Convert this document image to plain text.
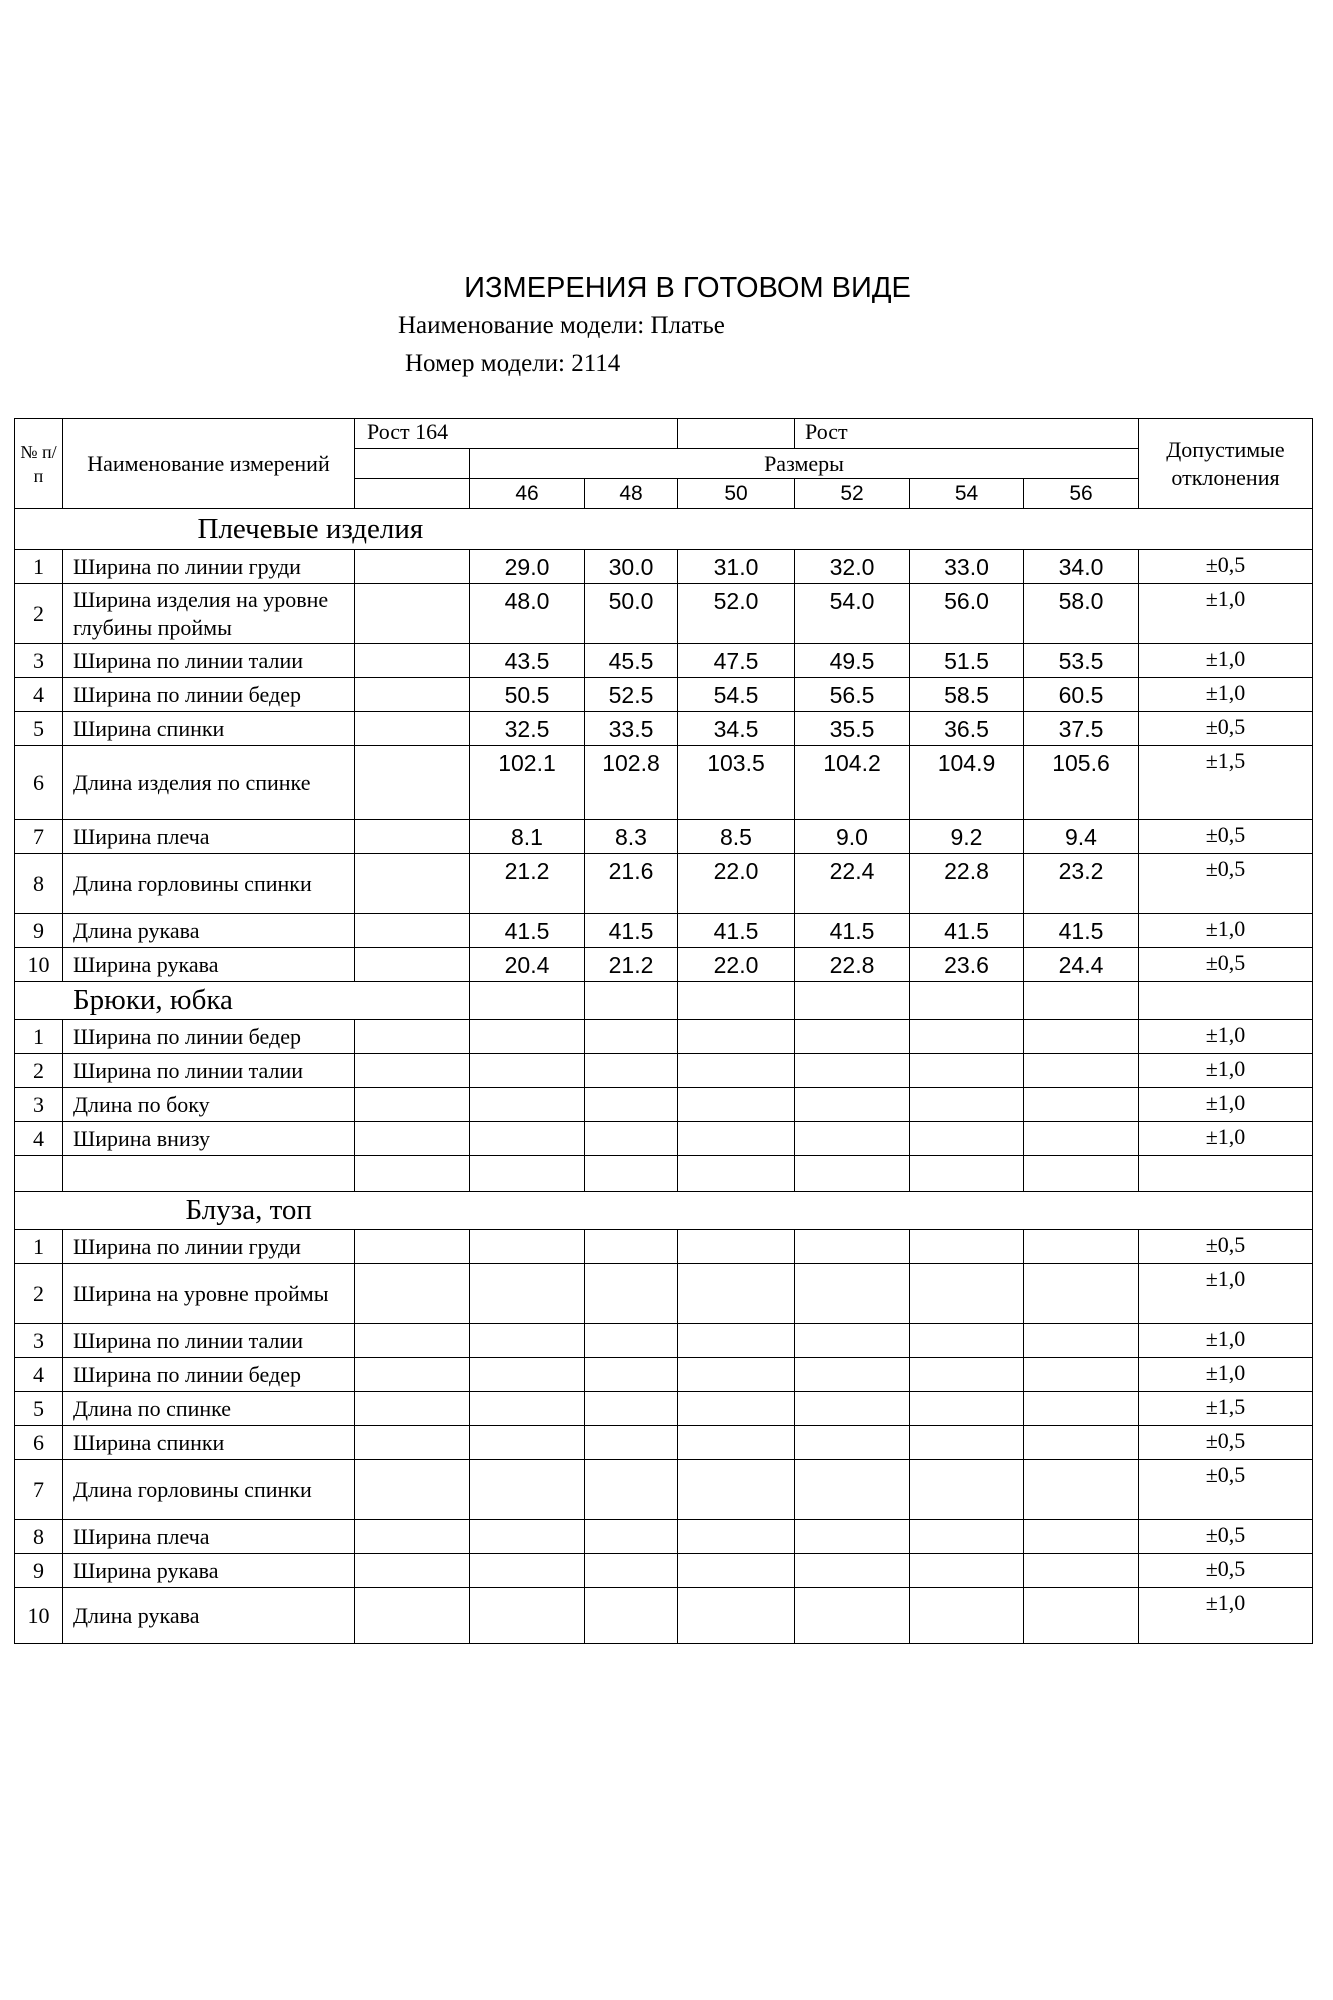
ИЗМЕРЕНИЯ В ГОТОВОМ ВИДЕ
Наименование модели: Платье
Номер модели: 2114
№ п/ п	Наименование измерений	Рост 164				Рост			Допустимые отклонения
			Размеры						
			46	48	50	52	54	56	
	Плечевые изделия								
1	Ширина по линии груди		29.0	30.0	31.0	32.0	33.0	34.0	±0,5
2	Ширина изделия на уровне глубины проймы		48.0	50.0	52.0	54.0	56.0	58.0	±1,0
3	Ширина по линии талии		43.5	45.5	47.5	49.5	51.5	53.5	±1,0
4	Ширина по линии бедер		50.5	52.5	54.5	56.5	58.5	60.5	±1,0
5	Ширина спинки		32.5	33.5	34.5	35.5	36.5	37.5	±0,5
6	Длина изделия по спинке		102.1	102.8	103.5	104.2	104.9	105.6	±1,5
7	Ширина плеча		8.1	8.3	8.5	9.0	9.2	9.4	±0,5
8	Длина горловины спинки		21.2	21.6	22.0	22.4	22.8	23.2	±0,5
9	Длина рукава		41.5	41.5	41.5	41.5	41.5	41.5	±1,0
10	Ширина рукава		20.4	21.2	22.0	22.8	23.6	24.4	±0,5
Брюки, юбка									
1	Ширина по линии бедер								±1,0
2	Ширина по линии талии								±1,0
3	Длина по боку								±1,0
4	Ширина внизу								±1,0

	Блуза, топ								
1	Ширина по линии груди								±0,5
2	Ширина на уровне проймы								±1,0
3	Ширина по линии талии								±1,0
4	Ширина по линии бедер								±1,0
5	Длина по спинке								±1,5
6	Ширина спинки								±0,5
7	Длина горловины спинки								±0,5
8	Ширина плеча								±0,5
9	Ширина рукава								±0,5
10	Длина рукава								±1,0
